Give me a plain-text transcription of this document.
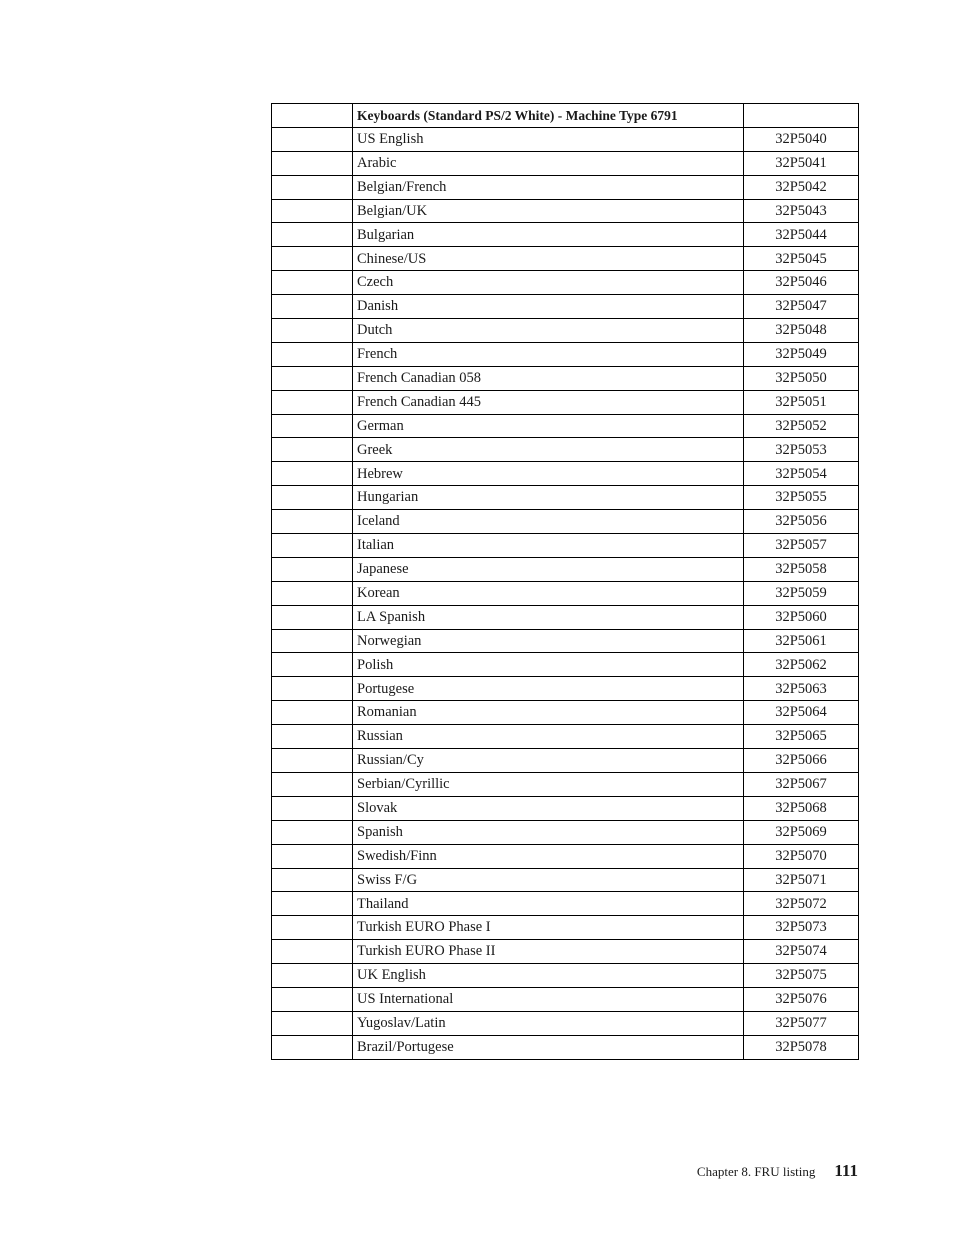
	Keyboards (Standard PS/2 White) - Machine Type 6791	
	US English	32P5040
	Arabic	32P5041
	Belgian/French	32P5042
	Belgian/UK	32P5043
	Bulgarian	32P5044
	Chinese/US	32P5045
	Czech	32P5046
	Danish	32P5047
	Dutch	32P5048
	French	32P5049
	French Canadian 058	32P5050
	French Canadian 445	32P5051
	German	32P5052
	Greek	32P5053
	Hebrew	32P5054
	Hungarian	32P5055
	Iceland	32P5056
	Italian	32P5057
	Japanese	32P5058
	Korean	32P5059
	LA Spanish	32P5060
	Norwegian	32P5061
	Polish	32P5062
	Portugese	32P5063
	Romanian	32P5064
	Russian	32P5065
	Russian/Cy	32P5066
	Serbian/Cyrillic	32P5067
	Slovak	32P5068
	Spanish	32P5069
	Swedish/Finn	32P5070
	Swiss F/G	32P5071
	Thailand	32P5072
	Turkish EURO Phase I	32P5073
	Turkish EURO Phase II	32P5074
	UK English	32P5075
	US International	32P5076
	Yugoslav/Latin	32P5077
	Brazil/Portugese	32P5078
Chapter 8. FRU listing 111
